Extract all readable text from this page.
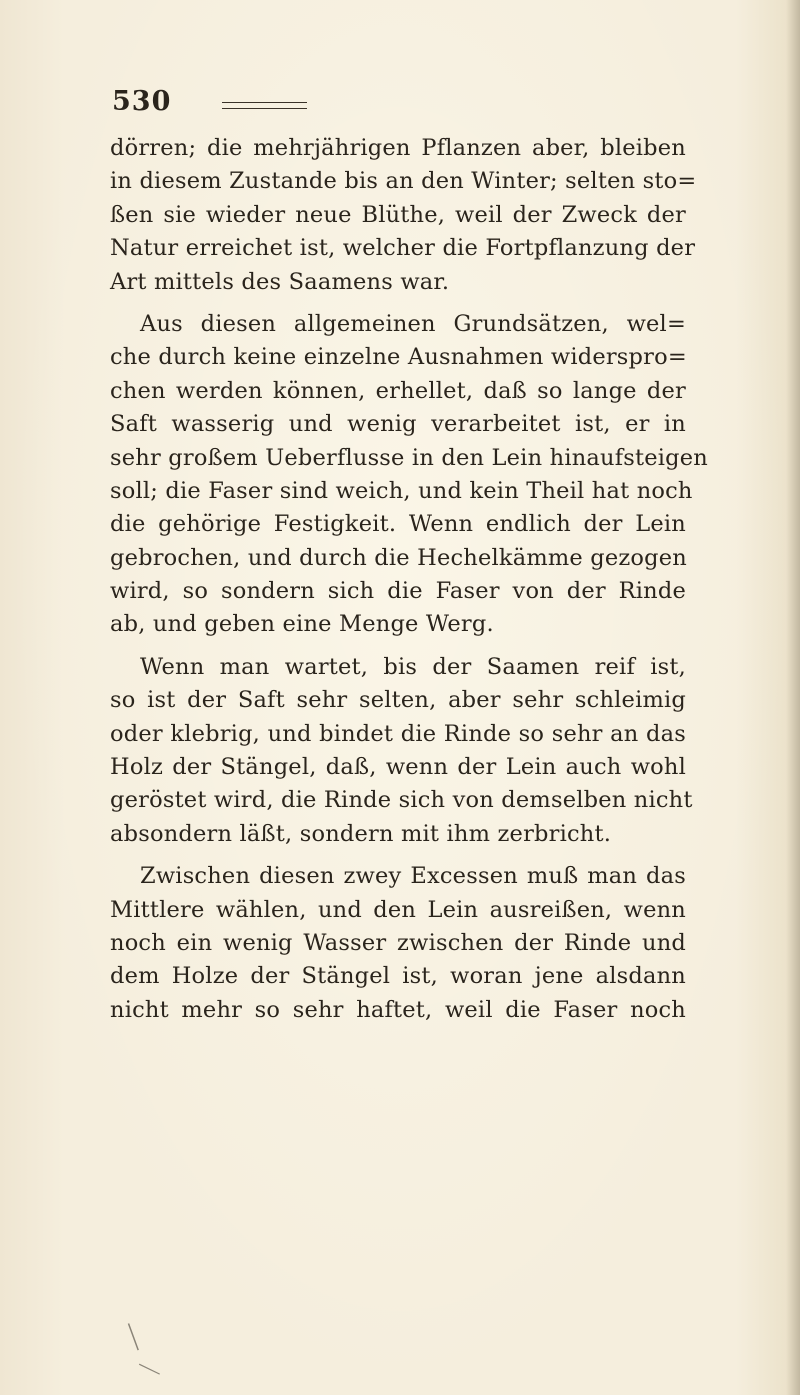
530
dörren; die mehrjährigen Pflanzen aber, bleiben
in diesem Zustande bis an den Winter; selten sto=
ßen sie wieder neue Blüthe, weil der Zweck der
Natur erreichet ist, welcher die Fortpflanzung der
Art mittels des Saamens war.
Aus diesen allgemeinen Grundsätzen, wel=
che durch keine einzelne Ausnahmen widerspro=
chen werden können, erhellet, daß so lange der
Saft wasserig und wenig verarbeitet ist, er in
sehr großem Ueberflusse in den Lein hinaufsteigen
soll; die Faser sind weich, und kein Theil hat noch
die gehörige Festigkeit. Wenn endlich der Lein
gebrochen, und durch die Hechelkämme gezogen
wird, so sondern sich die Faser von der Rinde
ab, und geben eine Menge Werg.
Wenn man wartet, bis der Saamen reif ist,
so ist der Saft sehr selten, aber sehr schleimig
oder klebrig, und bindet die Rinde so sehr an das
Holz der Stängel, daß, wenn der Lein auch wohl
geröstet wird, die Rinde sich von demselben nicht
absondern läßt, sondern mit ihm zerbricht.
Zwischen diesen zwey Excessen muß man das
Mittlere wählen, und den Lein ausreißen, wenn
noch ein wenig Wasser zwischen der Rinde und
dem Holze der Stängel ist, woran jene alsdann
nicht mehr so sehr haftet, weil die Faser noch
